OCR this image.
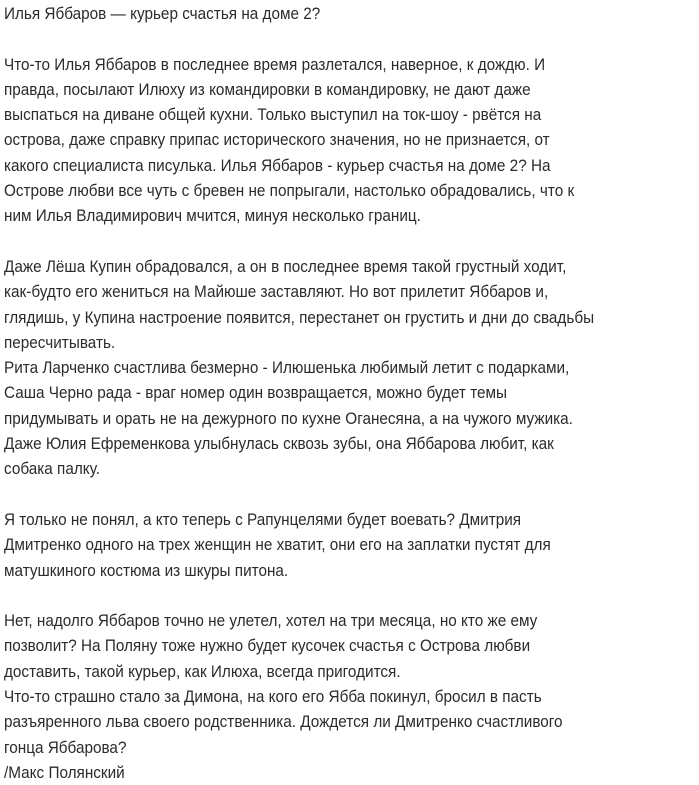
Илья Яббаров — курьер счастья на доме 2?
Что-то Илья Яббаров в последнее время разлетался, наверное, к дождю. И
правда, посылают Илюху из командировки в командировку, не дают даже
выспаться на диване общей кухни. Только выступил на ток-шоу - рвётся на
острова, даже справку припас исторического значения, но не признается, от
какого специалиста писулька. Илья Яббаров - курьер счастья на доме 2? На
Острове любви все чуть с бревен не попрыгали, настолько обрадовались, что к
ним Илья Владимирович мчится, минуя несколько границ.
Даже Лёша Купин обрадовался, а он в последнее время такой грустный ходит,
как-будто его жениться на Майюше заставляют. Но вот прилетит Яббаров и,
глядишь, у Купина настроение появится, перестанет он грустить и дни до свадьбы
пересчитывать.
Рита Ларченко счастлива безмерно - Илюшенька любимый летит с подарками,
Саша Черно рада - враг номер один возвращается, можно будет темы
придумывать и орать не на дежурного по кухне Оганесяна, а на чужого мужика.
Даже Юлия Ефременкова улыбнулась сквозь зубы, она Яббарова любит, как
собака палку.
Я только не понял, а кто теперь с Рапунцелями будет воевать? Дмитрия
Дмитренко одного на трех женщин не хватит, они его на заплатки пустят для
матушкиного костюма из шкуры питона.
Нет, надолго Яббаров точно не улетел, хотел на три месяца, но кто же ему
позволит? На Поляну тоже нужно будет кусочек счастья с Острова любви
доставить, такой курьер, как Илюха, всегда пригодится.
Что-то страшно стало за Димона, на кого его Ябба покинул, бросил в пасть
разъяренного льва своего родственника. Дождется ли Дмитренко счастливого
гонца Яббарова?
/Макс Полянский
